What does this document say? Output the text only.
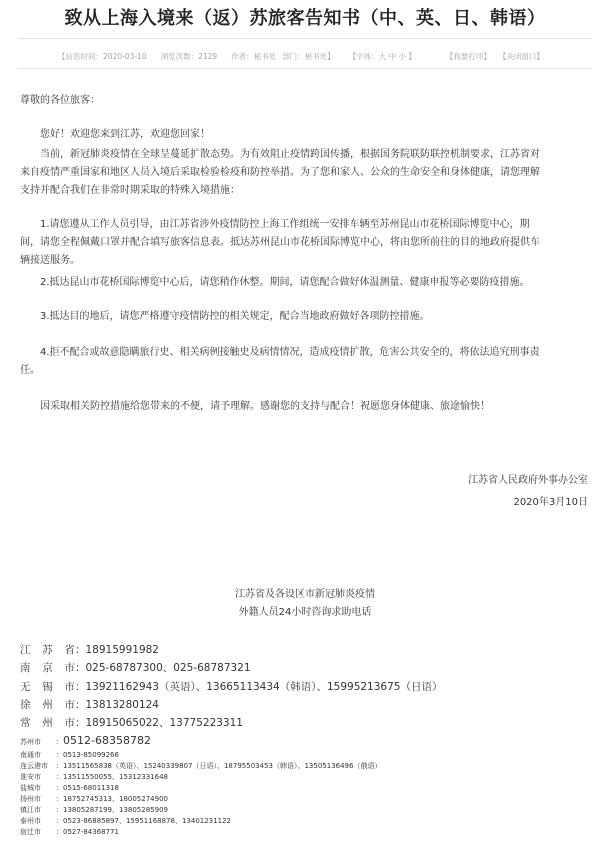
致从上海入境来（返）苏旅客告知书（中、英、日、韩语）
【信息时间：2020-03-10 浏览次数：2129 作者：秘书处 部门：秘书处】 【字体：大 中 小 】	【我要打印】 【关闭窗口】
尊敬的各位旅客：
您好！欢迎您来到江苏，欢迎您回家！
当前，新冠肺炎疫情在全球呈蔓延扩散态势。为有效阻止疫情跨国传播，根据国务院联防联控机制要求，江苏省对
来自疫情严重国家和地区人员入境后采取检验检疫和防控举措。为了您和家人、公众的生命安全和身体健康，请您理解
支持并配合我们在非常时期采取的特殊入境措施：
1.请您遵从工作人员引导，由江苏省涉外疫情防控上海工作组统一安排车辆至苏州昆山市花桥国际博览中心，期
间，请您全程佩戴口罩并配合填写旅客信息表。抵达苏州昆山市花桥国际博览中心，将由您所前往的目的地政府提供车
辆接送服务。
2.抵达昆山市花桥国际博览中心后，请您稍作休整。期间，请您配合做好体温测量、健康申报等必要防疫措施。
3.抵达目的地后，请您严格遵守疫情防控的相关规定，配合当地政府做好各项防控措施。
4.拒不配合或故意隐瞒旅行史、相关病例接触史及病情情况，造成疫情扩散，危害公共安全的，将依法追究刑事责
任。
因采取相关防控措施给您带来的不便，请予理解。感谢您的支持与配合！祝愿您身体健康、旅途愉快！
江苏省人民政府外事办公室
2020年3月10日
江苏省及各设区市新冠肺炎疫情
外籍人员24小时咨询求助电话
江苏省：18915991982
南京市：025-68787300、025-68787321
无锡市：13921162943（英语）、13665113434（韩语）、15995213675（日语）
徐州市：13813280124
常州市：18915065022、13775223311
苏州市 ：0512-68358782
南通市 ：0513-85099266
连云港市 ：13511565838（英语）、15240339807（日语）、18795503453（韩语）、13505136496（俄语）
淮安市 ：13511550055、15312331648
盐城市 ：0515-68011318
扬州市 ：18752745313、18005274900
镇江市 ：13805287199、13805285909
泰州市 ：0523-86885897、15951168878、13401231122
宿迁市 ：0527-84368771
